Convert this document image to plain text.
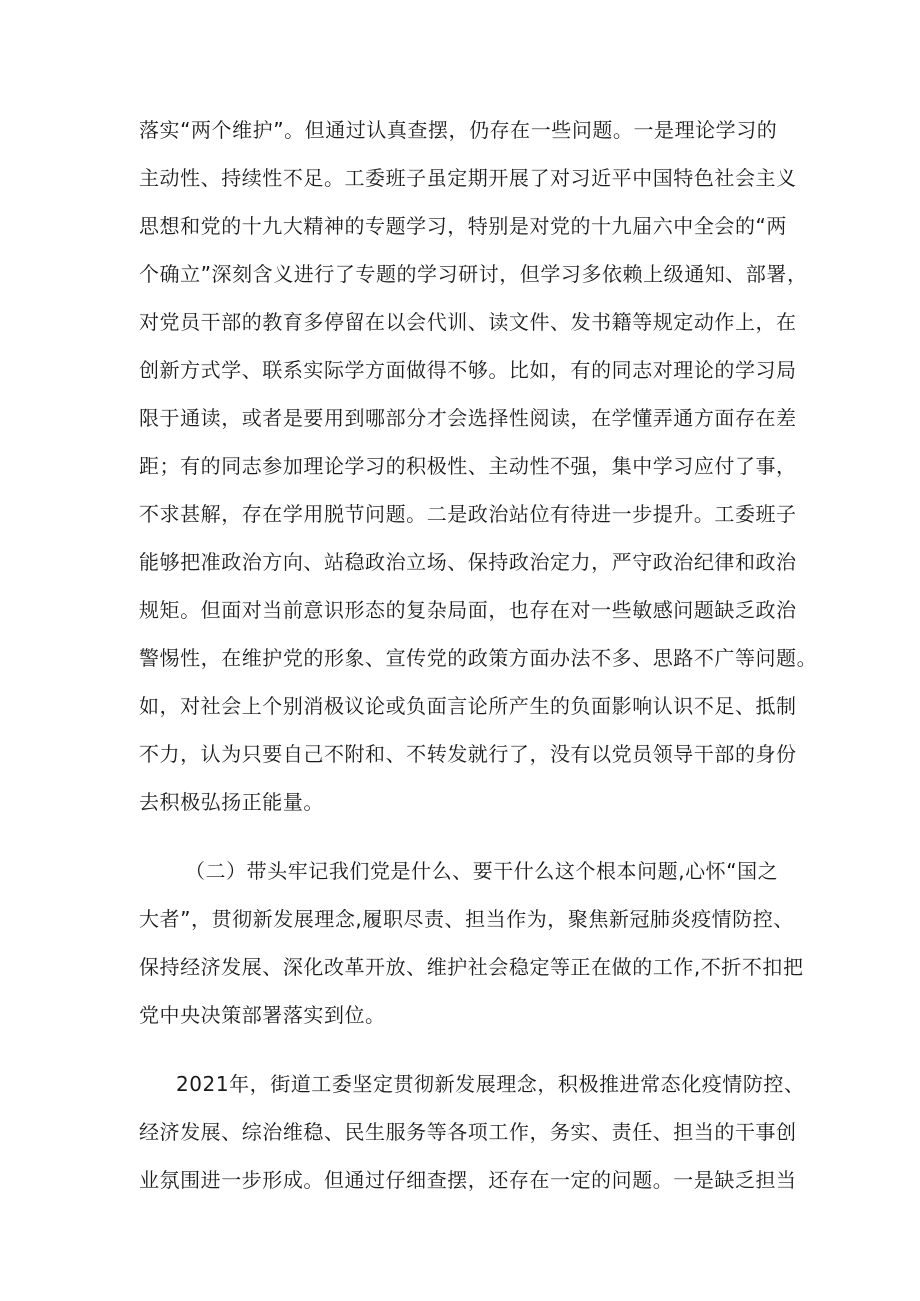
落实“两个维护”。但通过认真查摆，仍存在一些问题。一是理论学习的
主动性、持续性不足。工委班子虽定期开展了对习近平中国特色社会主义
思想和党的十九大精神的专题学习，特别是对党的十九届六中全会的“两
个确立”深刻含义进行了专题的学习研讨，但学习多依赖上级通知、部署，
对党员干部的教育多停留在以会代训、读文件、发书籍等规定动作上，在
创新方式学、联系实际学方面做得不够。比如，有的同志对理论的学习局
限于通读，或者是要用到哪部分才会选择性阅读，在学懂弄通方面存在差
距；有的同志参加理论学习的积极性、主动性不强，集中学习应付了事，
不求甚解，存在学用脱节问题。二是政治站位有待进一步提升。工委班子
能够把准政治方向、站稳政治立场、保持政治定力，严守政治纪律和政治
规矩。但面对当前意识形态的复杂局面，也存在对一些敏感问题缺乏政治
警惕性，在维护党的形象、宣传党的政策方面办法不多、思路不广等问题。
如，对社会上个别消极议论或负面言论所产生的负面影响认识不足、抵制
不力，认为只要自己不附和、不转发就行了，没有以党员领导干部的身份
去积极弘扬正能量。
（二）带头牢记我们党是什么、要干什么这个根本问题,心怀“国之
大者”，贯彻新发展理念,履职尽责、担当作为，聚焦新冠肺炎疫情防控、
保持经济发展、深化改革开放、维护社会稳定等正在做的工作,不折不扣把
党中央决策部署落实到位。
2021年，街道工委坚定贯彻新发展理念，积极推进常态化疫情防控、
经济发展、综治维稳、民生服务等各项工作，务实、责任、担当的干事创
业氛围进一步形成。但通过仔细查摆，还存在一定的问题。一是缺乏担当
